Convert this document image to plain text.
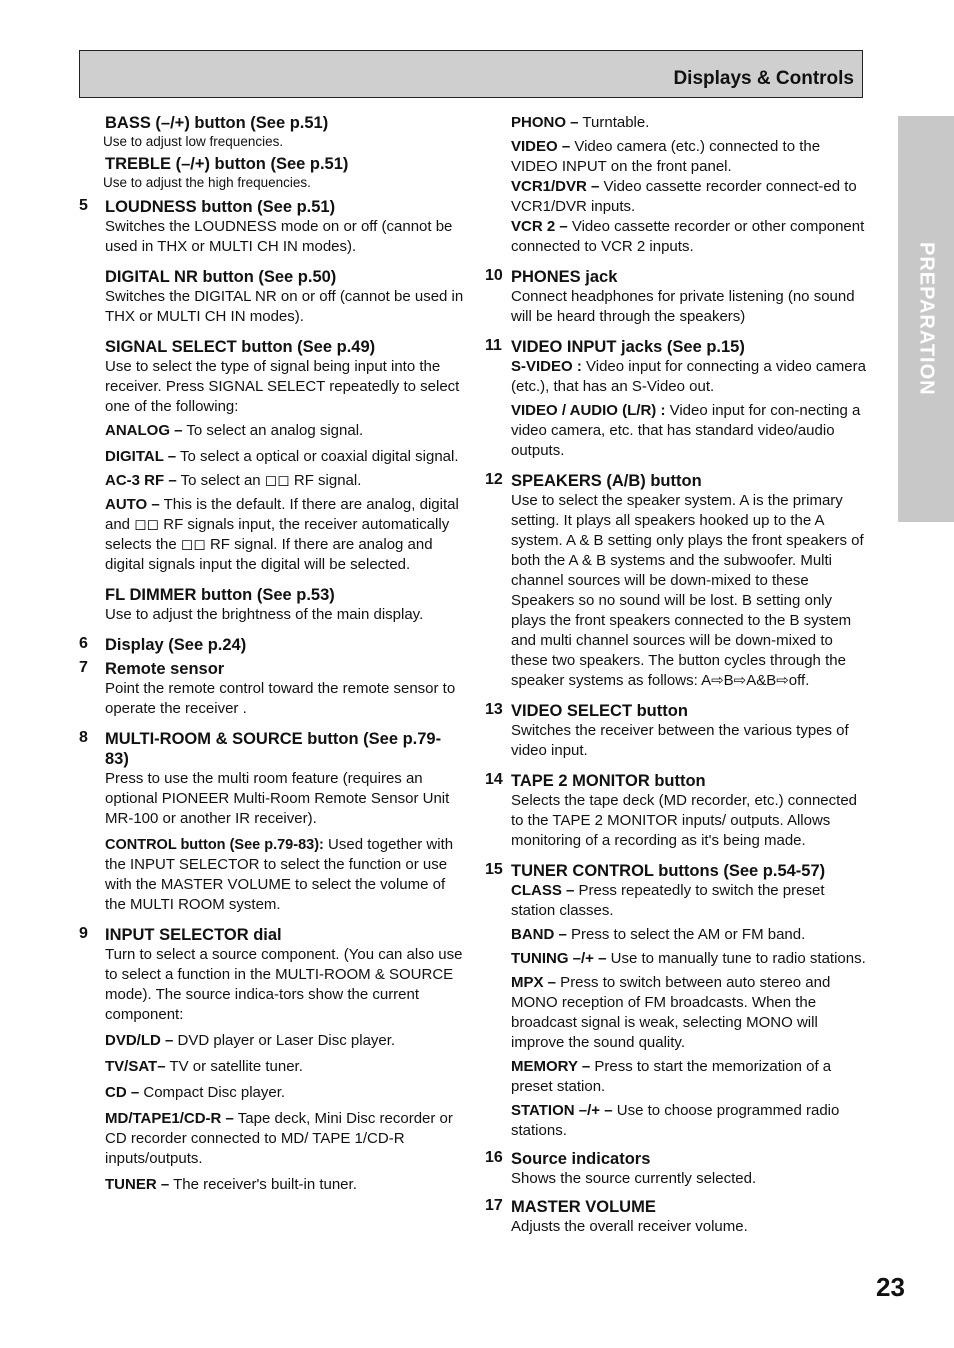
Displays & Controls
PREPARATION
23
BASS (–/+) button (See p.51)
Use to adjust low frequencies.
TREBLE (–/+) button (See p.51)
Use to adjust the high frequencies.
5	LOUDNESS button (See p.51)
Switches the LOUDNESS mode on or off (cannot be used in THX or MULTI CH IN modes).
DIGITAL NR button (See p.50)
Switches the DIGITAL NR on or off (cannot be used in THX or MULTI CH IN modes).
SIGNAL SELECT button (See p.49)
Use to select the type of signal being input into the receiver. Press SIGNAL SELECT repeatedly to select one of the following:

ANALOG – To select an analog signal.

DIGITAL – To select a optical or coaxial digital signal.

AC-3 RF – To select an ◻◻ RF signal.

AUTO – This is the default. If there are analog, digital and ◻◻ RF signals input, the receiver automatically selects the ◻◻ RF signal. If there are analog and digital signals input the digital will be selected.

FL DIMMER button (See p.53)
Use to adjust the brightness of the main display.
6	Display (See p.24)
7	Remote sensor
Point the remote control toward the remote sensor to operate the receiver .
8	MULTI-ROOM & SOURCE button (See p.79-83)
Press to use the multi room feature (requires an optional PIONEER Multi-Room Remote Sensor Unit MR-100 or another IR receiver).

CONTROL button (See p.79-83): Used together with the INPUT SELECTOR to select the function or use with the MASTER VOLUME to select the volume of the MULTI ROOM system.

9	INPUT SELECTOR dial
Turn to select a source component. (You can also use to select a function in the MULTI-ROOM & SOURCE mode). The source indica-tors show the current component:

DVD/LD – DVD player or Laser Disc player.

TV/SAT– TV or satellite tuner.

CD – Compact Disc player.

MD/TAPE1/CD-R – Tape deck, Mini Disc recorder or CD recorder connected to MD/ TAPE 1/CD-R inputs/outputs.

TUNER – The receiver's built-in tuner.

PHONO – Turntable.

VIDEO – Video camera (etc.) connected to the VIDEO INPUT on the front panel.

VCR1/DVR – Video cassette recorder connect-ed to VCR1/DVR inputs.

VCR 2 – Video cassette recorder or other component connected to VCR 2 inputs.

10 PHONES jack
Connect headphones for private listening (no sound will be heard through the speakers)
11 VIDEO INPUT jacks (See p.15)

S-VIDEO : Video input for connecting a video camera (etc.), that has an S-Video out.

VIDEO / AUDIO (L/R) : Video input for con-necting a video camera, etc. that has standard video/audio outputs.

12 SPEAKERS (A/B) button
Use to select the speaker system. A is the primary setting. It plays all speakers hooked up to the A system. A & B setting only plays the front speakers of both the A & B systems and the subwoofer. Multi channel sources will be down-mixed to these Speakers so no sound will be lost. B setting only plays the front speakers connected to the B system and multi channel sources will be down-mixed to these two speakers. The button cycles through the speaker systems as follows: A⇨B⇨A&B⇨off.
13 VIDEO SELECT button
Switches the receiver between the various types of video input.
14 TAPE 2 MONITOR button
Selects the tape deck (MD recorder, etc.) connected to the TAPE 2 MONITOR inputs/ outputs. Allows monitoring of a recording as it's being made.
15 TUNER CONTROL buttons (See p.54-57)

CLASS – Press repeatedly to switch the preset station classes.

BAND – Press to select the AM or FM band.

TUNING –/+ – Use to manually tune to radio stations.

MPX – Press to switch between auto stereo and MONO reception of FM broadcasts. When the broadcast signal is weak, selecting MONO will improve the sound quality.

MEMORY – Press to start the memorization of a preset station.

STATION –/+ – Use to choose programmed radio stations.

16 Source indicators
Shows the source currently selected.
17 MASTER VOLUME
Adjusts the overall receiver volume.
